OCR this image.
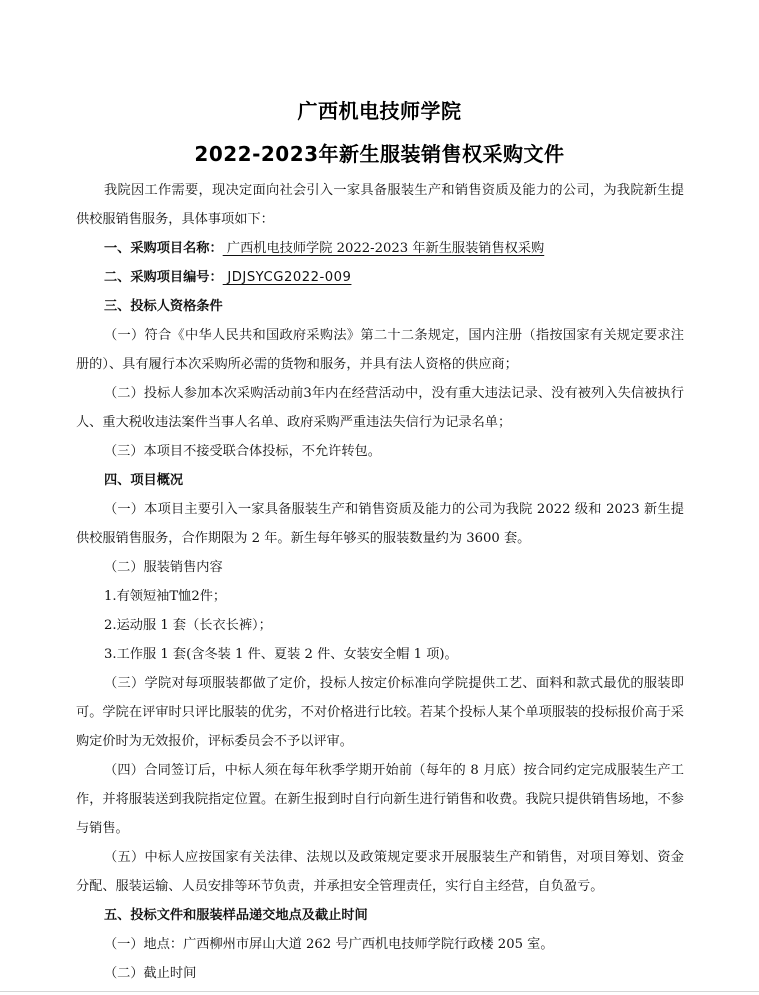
广西机电技师学院
2022-2023年新生服装销售权采购文件

我院因工作需要，现决定面向社会引入一家具备服装生产和销售资质及能力的公司，为我院新生提供校服销售服务，具体事项如下：

一、采购项目名称： 广西机电技师学院 2022-2023 年新生服装销售权采购

二、采购项目编号： JDJSYCG2022-009

三、投标人资格条件

（一）符合《中华人民共和国政府采购法》第二十二条规定，国内注册（指按国家有关规定要求注册的）、具有履行本次采购所必需的货物和服务，并具有法人资格的供应商；

（二）投标人参加本次采购活动前3年内在经营活动中，没有重大违法记录、没有被列入失信被执行人、重大税收违法案件当事人名单、政府采购严重违法失信行为记录名单；

（三）本项目不接受联合体投标，不允许转包。

四、项目概况

（一）本项目主要引入一家具备服装生产和销售资质及能力的公司为我院 2022 级和 2023 新生提供校服销售服务，合作期限为 2 年。新生每年够买的服装数量约为 3600 套。

（二）服装销售内容

1.有领短袖T恤2件；

2.运动服 1 套（长衣长裤）；

3.工作服 1 套(含冬装 1 件、夏装 2 件、女装安全帽 1 项)。

（三）学院对每项服装都做了定价，投标人按定价标准向学院提供工艺、面料和款式最优的服装即可。学院在评审时只评比服装的优劣，不对价格进行比较。若某个投标人某个单项服装的投标报价高于采购定价时为无效报价，评标委员会不予以评审。

（四）合同签订后，中标人须在每年秋季学期开始前（每年的 8 月底）按合同约定完成服装生产工作，并将服装送到我院指定位置。在新生报到时自行向新生进行销售和收费。我院只提供销售场地，不参与销售。

（五）中标人应按国家有关法律、法规以及政策规定要求开展服装生产和销售，对项目筹划、资金分配、服装运输、人员安排等环节负责，并承担安全管理责任，实行自主经营，自负盈亏。

五、投标文件和服装样品递交地点及截止时间

（一）地点：广西柳州市屏山大道 262 号广西机电技师学院行政楼 205 室。

（二）截止时间
